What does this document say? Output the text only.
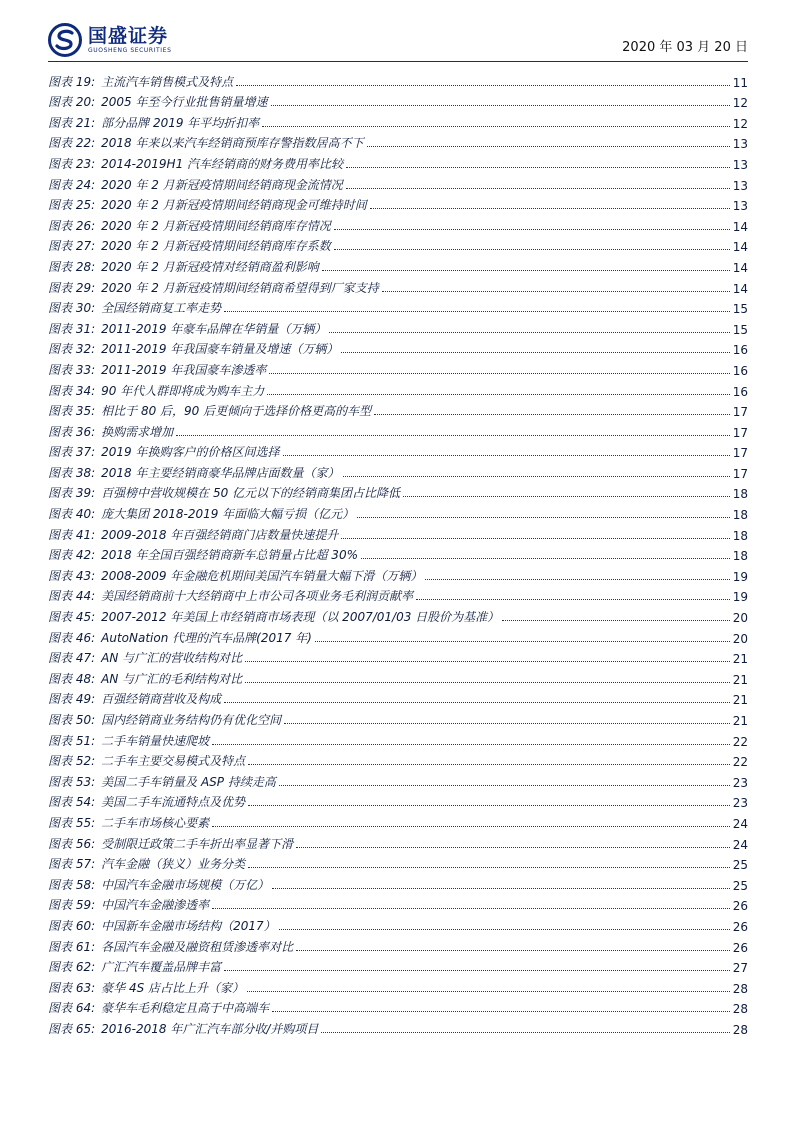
国盛证券
GUOSHENG SECURITIES	2020 年 03 月 20 日
图表 19: 主流汽车销售模式及特点	11
图表 20: 2005 年至今行业批售销量增速	12
图表 21: 部分品牌 2019 年平均折扣率	12
图表 22: 2018 年来以来汽车经销商预库存警指数居高不下	13
图表 23: 2014-2019H1 汽车经销商的财务费用率比较	13
图表 24: 2020 年 2 月新冠疫情期间经销商现金流情况	13
图表 25: 2020 年 2 月新冠疫情期间经销商现金可维持时间	13
图表 26: 2020 年 2 月新冠疫情期间经销商库存情况	14
图表 27: 2020 年 2 月新冠疫情期间经销商库存系数	14
图表 28: 2020 年 2 月新冠疫情对经销商盈利影响	14
图表 29: 2020 年 2 月新冠疫情期间经销商希望得到厂家支持	14
图表 30: 全国经销商复工率走势	15
图表 31: 2011-2019 年豪车品牌在华销量（万辆）	15
图表 32: 2011-2019 年我国豪车销量及增速（万辆）	16
图表 33: 2011-2019 年我国豪车渗透率	16
图表 34: 90 年代人群即将成为购车主力	16
图表 35: 相比于 80 后，90 后更倾向于选择价格更高的车型	17
图表 36: 换购需求增加	17
图表 37: 2019 年换购客户的价格区间选择	17
图表 38: 2018 年主要经销商豪华品牌店面数量（家）	17
图表 39: 百强榜中营收规模在 50 亿元以下的经销商集团占比降低	18
图表 40: 庞大集团 2018-2019 年面临大幅亏损（亿元）	18
图表 41: 2009-2018 年百强经销商门店数量快速提升	18
图表 42: 2018 年全国百强经销商新车总销量占比超 30%	18
图表 43: 2008-2009 年金融危机期间美国汽车销量大幅下滑（万辆）	19
图表 44: 美国经销商前十大经销商中上市公司各项业务毛利润贡献率	19
图表 45: 2007-2012 年美国上市经销商市场表现（以 2007/01/03 日股价为基准）	20
图表 46: AutoNation 代理的汽车品牌(2017 年)	20
图表 47: AN 与广汇的营收结构对比	21
图表 48: AN 与广汇的毛利结构对比	21
图表 49: 百强经销商营收及构成	21
图表 50: 国内经销商业务结构仍有优化空间	21
图表 51: 二手车销量快速爬坡	22
图表 52: 二手车主要交易模式及特点	22
图表 53: 美国二手车销量及 ASP 持续走高	23
图表 54: 美国二手车流通特点及优势	23
图表 55: 二手车市场核心要素	24
图表 56: 受制限迁政策二手车折出率显著下滑	24
图表 57: 汽车金融（狭义）业务分类	25
图表 58: 中国汽车金融市场规模（万亿）	25
图表 59: 中国汽车金融渗透率	26
图表 60: 中国新车金融市场结构（2017）	26
图表 61: 各国汽车金融及融资租赁渗透率对比	26
图表 62: 广汇汽车覆盖品牌丰富	27
图表 63: 豪华 4S 店占比上升（家）	28
图表 64: 豪华车毛利稳定且高于中高端车	28
图表 65: 2016-2018 年广汇汽车部分收/并购项目	28
